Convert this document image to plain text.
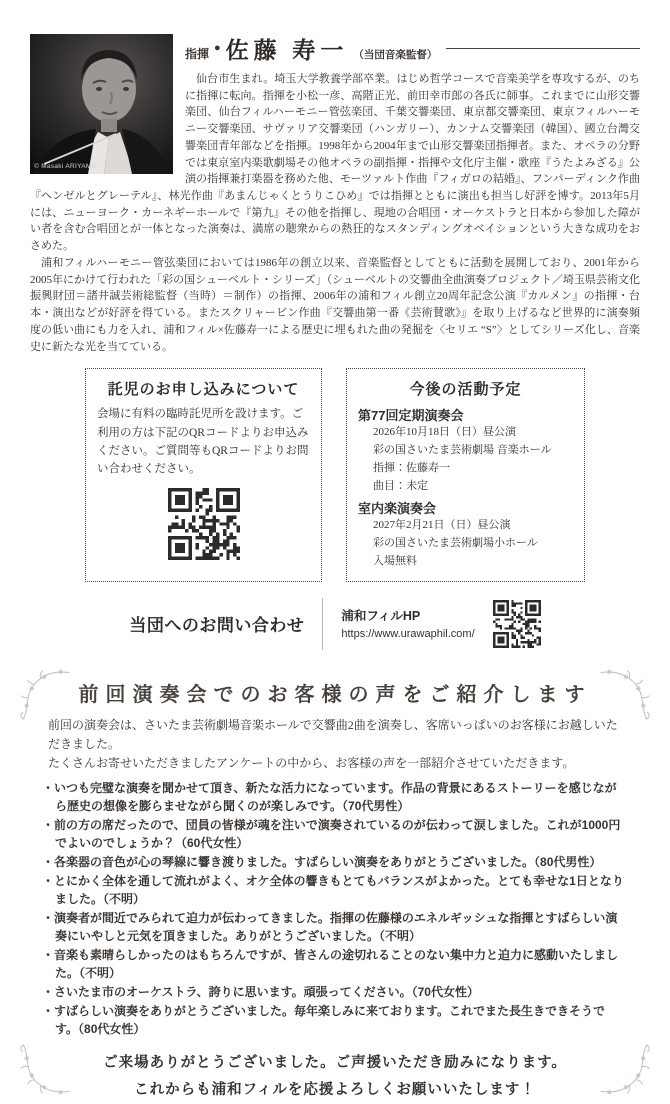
© Masaki ARIYAMA
指揮 ● 佐藤 寿一 （当団音楽監督）

仙台市生まれ。埼玉大学教養学部卒業。はじめ哲学コースで音楽美学を専攻するが、のちに指揮に転向。指揮を小松一彦、高階正光、前田幸市郎の各氏に師事。これまでに山形交響楽団、仙台フィルハーモニー管弦楽団、千葉交響楽団、東京都交響楽団、東京フィルハーモニー交響楽団、サヴァリア交響楽団（ハンガリー）、カンナム交響楽団（韓国）、國立台灣交響楽団青年部などを指揮。1998年から2004年まで山形交響楽団指揮者。また、オペラの分野では東京室内楽歌劇場その他オペラの副指揮・指揮や文化庁主催・歌座『うたよみざる』公演の指揮兼打楽器を務めた他、モーツァルト作曲『フィガロの結婚』、フンパーディンク作曲『ヘンゼルとグレーテル』、林光作曲『あまんじゃくとうりこひめ』では指揮とともに演出も担当し好評を博す。2013年5月には、ニューヨーク・カーネギーホールで『第九』その他を指揮し、現地の合唱団・オーケストラと日本から参加した障がい者を含む合唱団とが一体となった演奏は、満席の聴衆からの熱狂的なスタンディングオベイションという大きな成功をおさめた。

浦和フィルハーモニー管弦楽団においては1986年の創立以来、音楽監督としてともに活動を展開しており、2001年から2005年にかけて行われた「彩の国シューベルト・シリーズ」（シューベルトの交響曲全曲演奏プロジェクト／埼玉県芸術文化振興財団＝諸井誠芸術総監督（当時）＝制作）の指揮、2006年の浦和フィル創立20周年記念公演『カルメン』の指揮・台本・演出などが好評を得ている。またスクリャービン作曲『交響曲第一番《芸術賛歌》』を取り上げるなど世界的に演奏頻度の低い曲にも力を入れ、浦和フィル×佐藤寿一による歴史に埋もれた曲の発掘を〈セリエ “S”〉としてシリーズ化し、音楽史に新たな光を当てている。

託児のお申し込みについて

会場に有料の臨時託児所を設けます。ご利用の方は下記のQRコードよりお申込みください。ご質問等もQRコードよりお問い合わせください。

今後の活動予定
第77回定期演奏会
2026年10月18日（日）昼公演
彩の国さいたま芸術劇場 音楽ホール
指揮：佐藤寿一
曲目：未定
室内楽演奏会
2027年2月21日（日）昼公演
彩の国さいたま芸術劇場小ホール
入場無料
当団へのお問い合わせ
浦和フィルHP
https://www.urawaphil.com/
前回演奏会でのお客様の声をご紹介します
前回の演奏会は、さいたま芸術劇場音楽ホールで交響曲2曲を演奏し、客席いっぱいのお客様にお越しいただきました。
たくさんお寄せいただきましたアンケートの中から、お客様の声を一部紹介させていただきます。
・いつも完璧な演奏を聞かせて頂き、新たな活力になっています。作品の背景にあるストーリーを感じながら歴史の想像を膨らませながら聞くのが楽しみです。（70代男性）
・前の方の席だったので、団員の皆様が魂を注いで演奏されているのが伝わって涙しました。これが1000円でよいのでしょうか？（60代女性）
・各楽器の音色が心の琴線に響き渡りました。すばらしい演奏をありがとうございました。（80代男性）
・とにかく全体を通して流れがよく、オケ全体の響きもとてもバランスがよかった。とても幸せな1日となりました。（不明）
・演奏者が間近でみられて迫力が伝わってきました。指揮の佐藤様のエネルギッシュな指揮とすばらしい演奏にいやしと元気を頂きました。ありがとうございました。（不明）
・音楽も素晴らしかったのはもちろんですが、皆さんの途切れることのない集中力と迫力に感動いたしました。（不明）
・さいたま市のオーケストラ、誇りに思います。頑張ってください。（70代女性）
・すばらしい演奏をありがとうございました。毎年楽しみに来ております。これでまた長生きできそうです。（80代女性）
ご来場ありがとうございました。ご声援いただき励みになります。
これからも浦和フィルを応援よろしくお願いいたします！
